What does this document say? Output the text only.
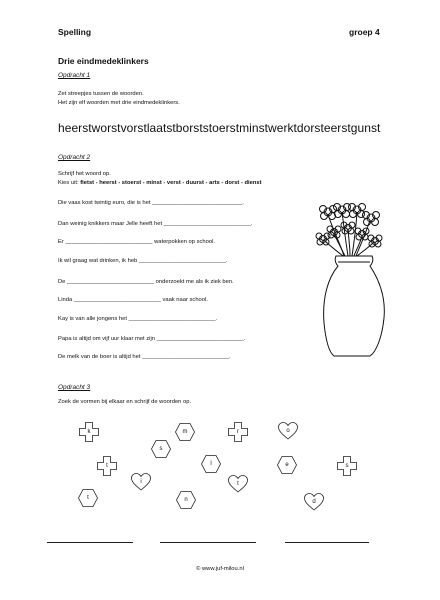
Spelling	groep 4
Drie eindmedeklinkers
Opdracht 1
Zet streepjes tussen de woorden.
Het zijn elf woorden met drie eindmedeklinkers.
heerstworstvorstlaatstborststoerstminstwerktdorsteerstgunst
Opdracht 2
Schrijf het woord op.
Kies uit: fietst - heerst - stoerst - minst - verst - duurst - arts - dorst - dienst
Die vaas kost twintig euro, die is het ____________________________.
Dan weinig knikkers maar Jelle heeft het ___________________________.
Er ___________________________ waterpokken op school.
Ik wil graag wat drinken, ik heb ___________________________.
De ___________________________ onderzoekt me als ik ziek ben.
Linda ___________________________ vaak naar school.
Kay is van alle jongens het ___________________________.
Papa is altijd om vijf uur klaar met zijn ___________________________.
De melk van de boer is altijd het ___________________________.
Opdracht 3
Zoek de vormen bij elkaar en schrijf de woorden op.
k	r
t	s
m
s
l	e
t	n
o
i	t
d
© www.juf-milou.nl
